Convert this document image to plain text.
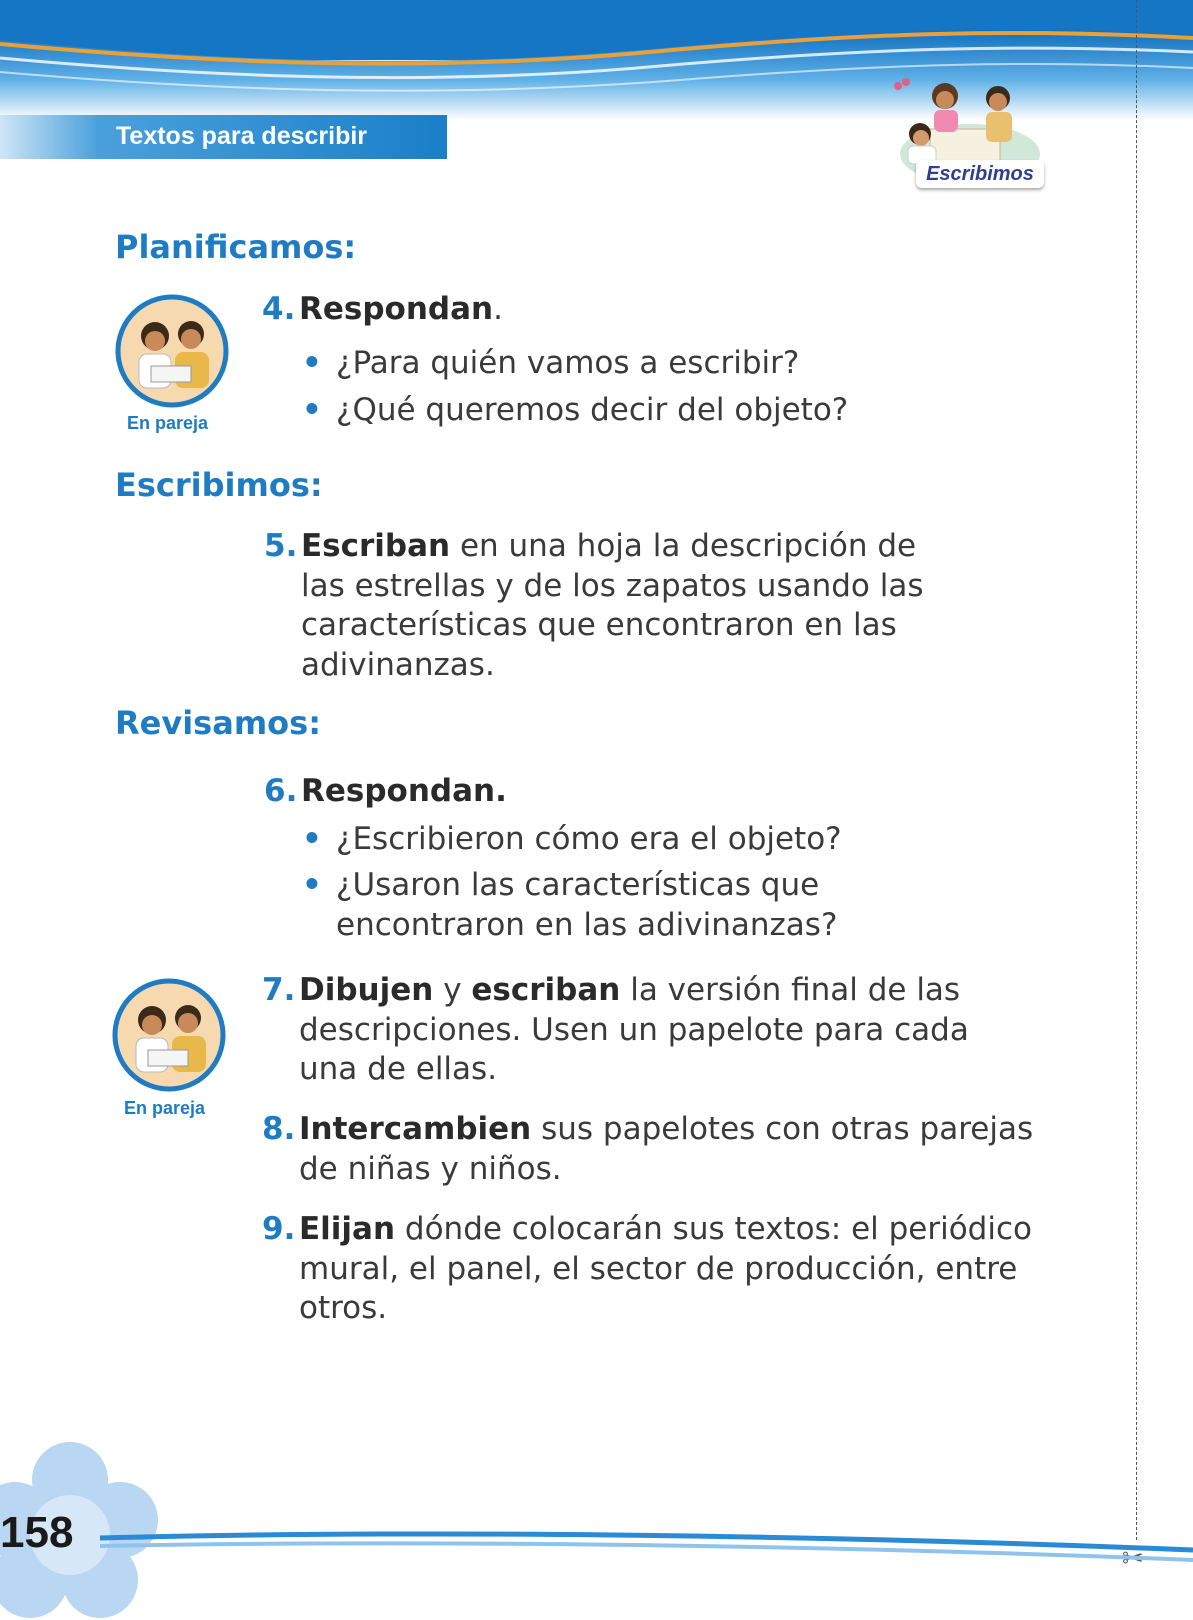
Textos para describir
Escribimos
✂
Planificamos:
En pareja
4. Respondan.
• ¿Para quién vamos a escribir?
• ¿Qué queremos decir del objeto?
Escribimos:
5. Escriban en una hoja la descripción de
las estrellas y de los zapatos usando las
características que encontraron en las
adivinanzas.
Revisamos:
6. Respondan.
• ¿Escribieron cómo era el objeto?
• ¿Usaron las características que
encontraron en las adivinanzas?
En pareja
7. Dibujen y escriban la versión final de las
descripciones. Usen un papelote para cada
una de ellas.
8. Intercambien sus papelotes con otras parejas
de niñas y niños.
9. Elijan dónde colocarán sus textos: el periódico
mural, el panel, el sector de producción, entre
otros.
158
